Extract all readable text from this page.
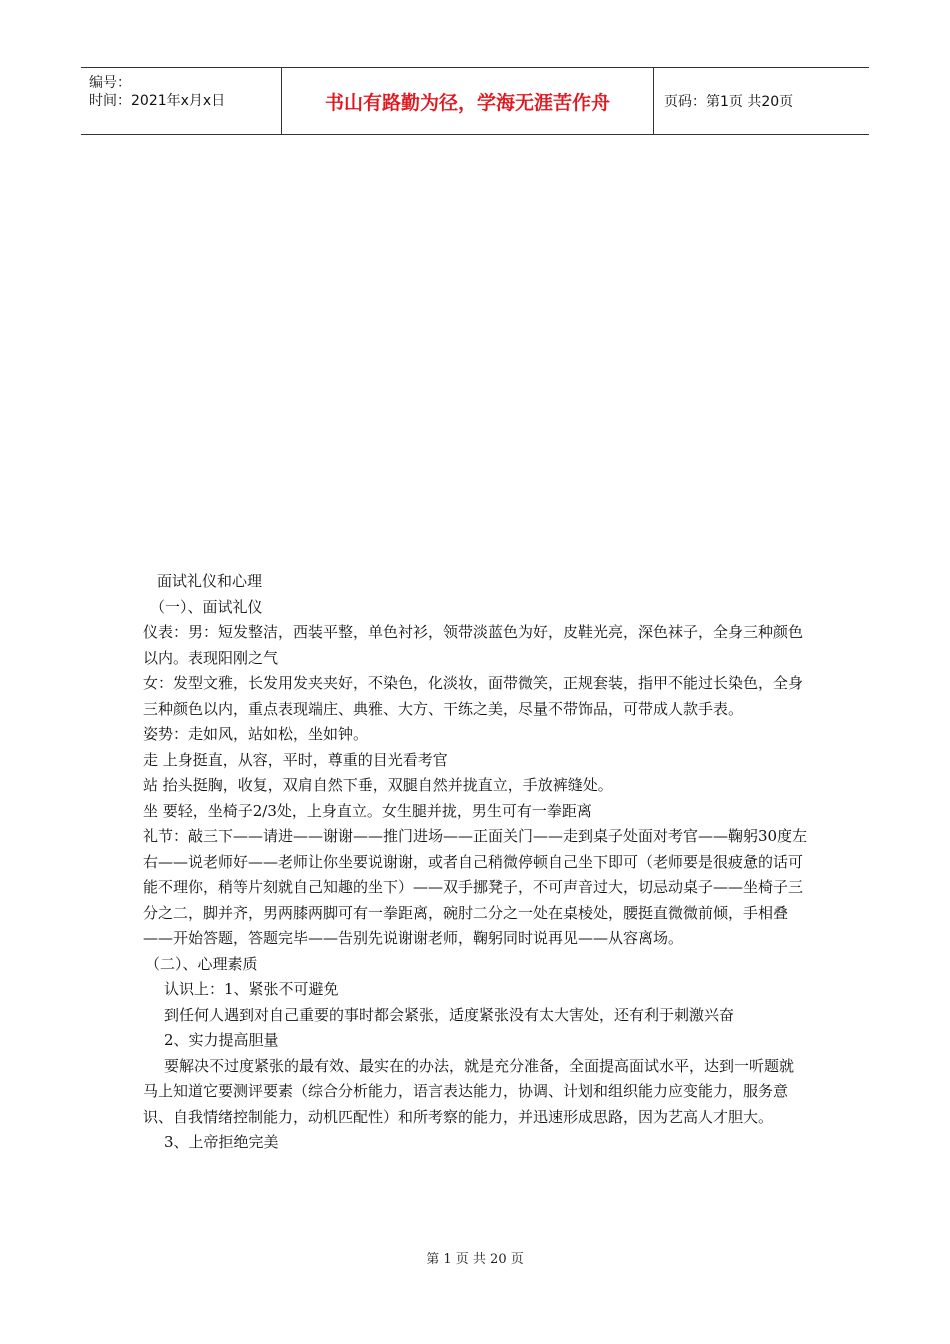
编号：
时间：2021年x月x日	书山有路勤为径，学海无涯苦作舟	页码：第1页 共20页

面试礼仪和心理

（一）、面试礼仪

仪表：男：短发整洁，西装平整，单色衬衫，领带淡蓝色为好，皮鞋光亮，深色袜子，全身三种颜色以内。表现阳刚之气

女：发型文雅，长发用发夹夹好，不染色，化淡妆，面带微笑，正规套装，指甲不能过长染色，全身三种颜色以内，重点表现端庄、典雅、大方、干练之美，尽量不带饰品，可带成人款手表。

姿势：走如风，站如松，坐如钟。

走 上身挺直，从容，平时，尊重的目光看考官

站 抬头挺胸，收复，双肩自然下垂，双腿自然并拢直立，手放裤缝处。

坐 要轻，坐椅子2/3处，上身直立。女生腿并拢，男生可有一拳距离

礼节：敲三下——请进——谢谢——推门进场——正面关门——走到桌子处面对考官——鞠躬30度左右——说老师好——老师让你坐要说谢谢，或者自己稍微停顿自己坐下即可（老师要是很疲惫的话可能不理你，稍等片刻就自己知趣的坐下）——双手挪凳子，不可声音过大，切忌动桌子——坐椅子三分之二，脚并齐，男两膝两脚可有一拳距离，碗肘二分之一处在桌棱处，腰挺直微微前倾，手相叠——开始答题，答题完毕——告别先说谢谢老师，鞠躬同时说再见——从容离场。

（二）、心理素质

认识上：1、紧张不可避免

到任何人遇到对自己重要的事时都会紧张，适度紧张没有太大害处，还有利于刺激兴奋

2、实力提高胆量

要解决不过度紧张的最有效、最实在的办法，就是充分准备，全面提高面试水平，达到一听题就马上知道它要测评要素（综合分析能力，语言表达能力，协调、计划和组织能力应变能力，服务意识、自我情绪控制能力，动机匹配性）和所考察的能力，并迅速形成思路，因为艺高人才胆大。

3、上帝拒绝完美

第 1 页 共 20 页
